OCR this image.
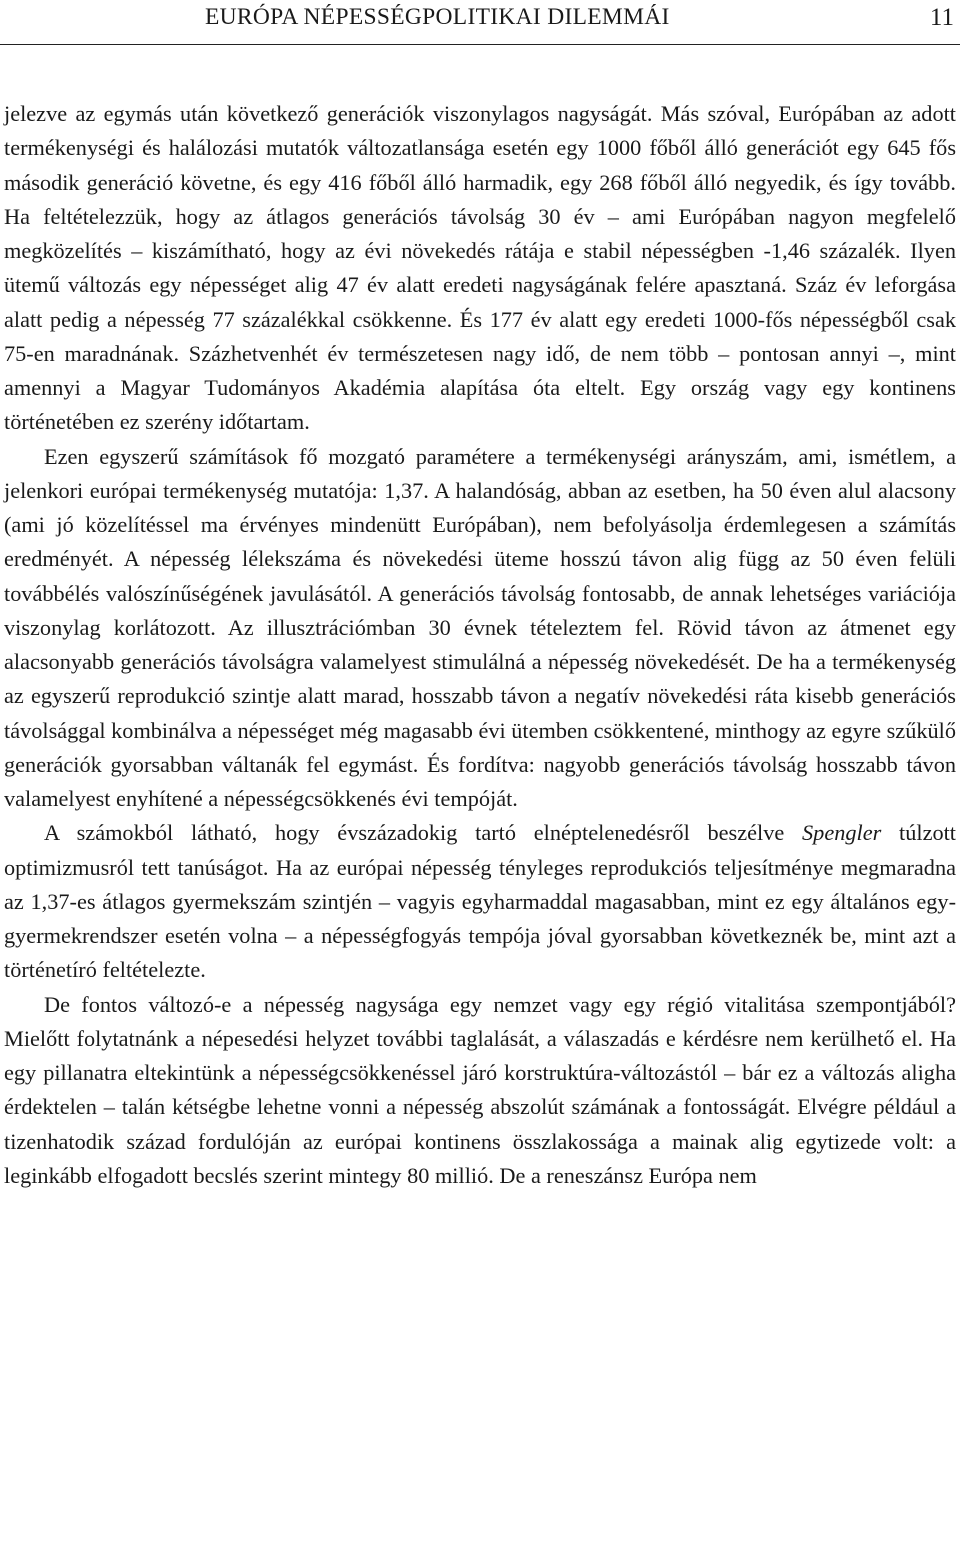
EURÓPA NÉPESSÉGPOLITIKAI DILEMMÁI	11

jelezve az egymás után következő generációk viszonylagos nagyságát. Más szóval, Európában az adott termékenységi és halálozási mutatók változatlansága esetén egy 1000 főből álló generációt egy 645 fős második generáció követne, és egy 416 főből álló harmadik, egy 268 főből álló negyedik, és így tovább. Ha feltételezzük, hogy az átlagos generációs távolság 30 év – ami Európában nagyon megfelelő megközelítés – kiszámítható, hogy az évi növekedés rátája e stabil népességben -1,46 százalék. Ilyen ütemű változás egy népességet alig 47 év alatt eredeti nagyságának felére apasztaná. Száz év leforgása alatt pedig a népesség 77 százalékkal csökkenne. És 177 év alatt egy eredeti 1000-fős népességből csak 75-en maradnának. Százhetvenhét év természetesen nagy idő, de nem több – pontosan annyi –, mint amennyi a Magyar Tudományos Akadémia alapítása óta eltelt. Egy ország vagy egy kontinens történetében ez szerény időtartam.

Ezen egyszerű számítások fő mozgató paramétere a termékenységi arányszám, ami, ismétlem, a jelenkori európai termékenység mutatója: 1,37. A halandóság, abban az esetben, ha 50 éven alul alacsony (ami jó közelítéssel ma érvényes mindenütt Európában), nem befolyásolja érdemlegesen a számítás eredményét. A népesség lélekszáma és növekedési üteme hosszú távon alig függ az 50 éven felüli továbbélés valószínűségének javulásától. A generációs távolság fontosabb, de annak lehetséges variációja viszonylag korlátozott. Az illusztrációmban 30 évnek tételeztem fel. Rövid távon az átmenet egy alacsonyabb generációs távolságra valamelyest stimulálná a népesség növekedését. De ha a termékenység az egyszerű reprodukció szintje alatt marad, hosszabb távon a negatív növekedési ráta kisebb generációs távolsággal kombinálva a népességet még magasabb évi ütemben csökkentené, minthogy az egyre szűkülő generációk gyorsabban váltanák fel egymást. És fordítva: nagyobb generációs távolság hosszabb távon valamelyest enyhítené a népességcsökkenés évi tempóját.

A számokból látható, hogy évszázadokig tartó elnéptelenedésről beszélve Spengler túlzott optimizmusról tett tanúságot. Ha az európai népesség tényleges reprodukciós teljesítménye megmaradna az 1,37-es átlagos gyermekszám szintjén – vagyis egyharmaddal magasabban, mint ez egy általános egy-gyermekrendszer esetén volna – a népességfogyás tempója jóval gyorsabban következnék be, mint azt a történetíró feltételezte.

De fontos változó-e a népesség nagysága egy nemzet vagy egy régió vitalitása szempontjából? Mielőtt folytatnánk a népesedési helyzet további taglalását, a válaszadás e kérdésre nem kerülhető el. Ha egy pillanatra eltekintünk a népességcsökkenéssel járó korstruktúra-változástól – bár ez a változás aligha érdektelen – talán kétségbe lehetne vonni a népesség abszolút számának a fontosságát. Elvégre például a tizenhatodik század fordulóján az európai kontinens összlakossága a mainak alig egytizede volt: a leginkább elfogadott becslés szerint mintegy 80 millió. De a reneszánsz Európa nem
